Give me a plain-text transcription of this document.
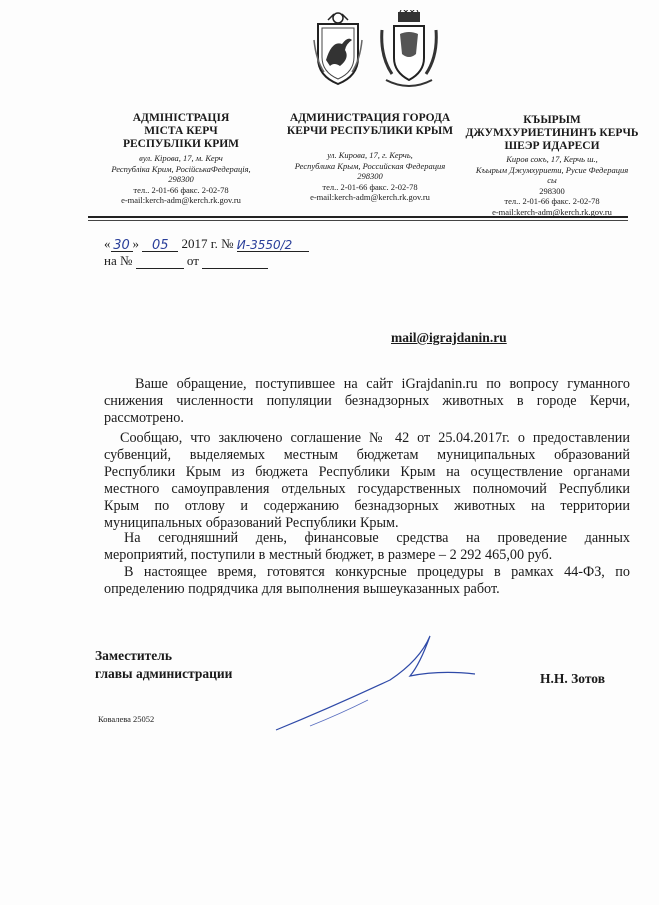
АДМІНІСТРАЦІЯ
МІСТА КЕРЧ
РЕСПУБЛІКИ КРИМ
вул. Кірова, 17, м. Керч
Республіка Крим, РосійськаФедерація,
298300
тел.. 2-01-66 факс. 2-02-78
e-mail:kerch-adm@kerch.rk.gov.ru
АДМИНИСТРАЦИЯ ГОРОДА
КЕРЧИ РЕСПУБЛИКИ КРЫМ
ул. Кирова, 17, г. Керчь,
Республика Крым, Российская Федерация
298300
тел.. 2-01-66 факс. 2-02-78
e-mail:kerch-adm@kerch.rk.gov.ru
КЪЫРЫМ
ДЖУМХУРИЕТИНИНЪ КЕРЧЬ
ШЕЭР ИДАРЕСИ
Киров сокъ, 17, Керчь ш.,
Къырым Джумхуриети, Русие Федерация
сы
298300
тел.. 2-01-66 факс. 2-02-78
e-mail:kerch-adm@kerch.rk.gov.ru
« 30 » 05 2017 г. № И-3550/2
на №	от
mail@igrajdanin.ru
Ваше обращение, поступившее на сайт iGrajdanin.ru по вопросу гуманного
снижения численности популяции безнадзорных животных в городе Керчи,
рассмотрено.
Сообщаю, что заключено соглашение № 42 от 25.04.2017г. о предоставлении
субвенций, выделяемых местным бюджетам муниципальных образований
Республики Крым из бюджета Республики Крым на осуществление органами
местного самоуправления отдельных государственных полномочий Республики
Крым по отлову и содержанию безнадзорных животных на территории
муниципальных образований Республики Крым.
На сегодняшний день, финансовые средства на проведение данных
мероприятий, поступили в местный бюджет, в размере – 2 292 465,00 руб.
В настоящее время, готовятся конкурсные процедуры в рамках 44-ФЗ, по
определению подрядчика для выполнения вышеуказанных работ.
Заместитель
главы администрации	Н.Н. Зотов
Ковалева 25052
